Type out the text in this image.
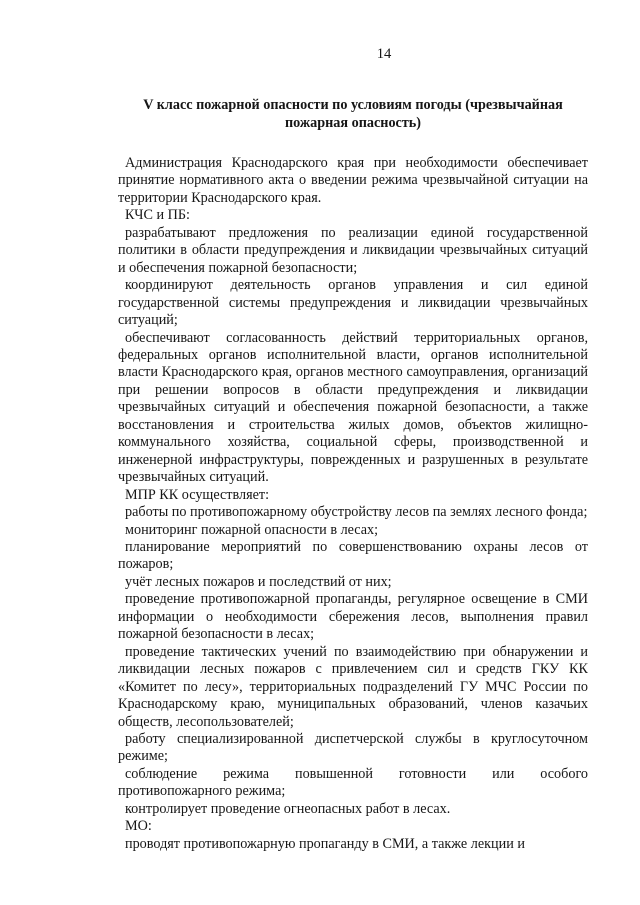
14
V класс пожарной опасности по условиям погоды (чрезвычайная пожарная опасность)

Администрация Краснодарского края при необходимости обеспечивает принятие нормативного акта о введении режима чрезвычайной ситуации на территории Краснодарского края.

КЧС и ПБ:

разрабатывают предложения по реализации единой государственной политики в области предупреждения и ликвидации чрезвычайных ситуаций и обеспечения пожарной безопасности;

координируют деятельность органов управления и сил единой государственной системы предупреждения и ликвидации чрезвычайных ситуаций;

обеспечивают согласованность действий территориальных органов, федеральных органов исполнительной власти, органов исполнительной власти Краснодарского края, органов местного самоуправления, организаций при решении вопросов в области предупреждения и ликвидации чрезвычайных ситуаций и обеспечения пожарной безопасности, а также восстановления и строительства жилых домов, объектов жилищно-коммунального хозяйства, социальной сферы, производственной и инженерной инфраструктуры, поврежденных и разрушенных в результате чрезвычайных ситуаций.

МПР КК осуществляет:

работы по противопожарному обустройству лесов па землях лесного фонда;

мониторинг пожарной опасности в лесах;

планирование мероприятий по совершенствованию охраны лесов от пожаров;

учёт лесных пожаров и последствий от них;

проведение противопожарной пропаганды, регулярное освещение в СМИ информации о необходимости сбережения лесов, выполнения правил пожарной безопасности в лесах;

проведение тактических учений по взаимодействию при обнаружении и ликвидации лесных пожаров с привлечением сил и средств ГКУ КК «Комитет по лесу», территориальных подразделений ГУ МЧС России по Краснодарскому краю, муниципальных образований, членов казачьих обществ, лесопользователей;

работу специализированной диспетчерской службы в круглосуточном режиме;

соблюдение режима повышенной готовности или особого противопожарного режима;

контролирует проведение огнеопасных работ в лесах.

МО:

проводят противопожарную пропаганду в СМИ, а также лекции и
